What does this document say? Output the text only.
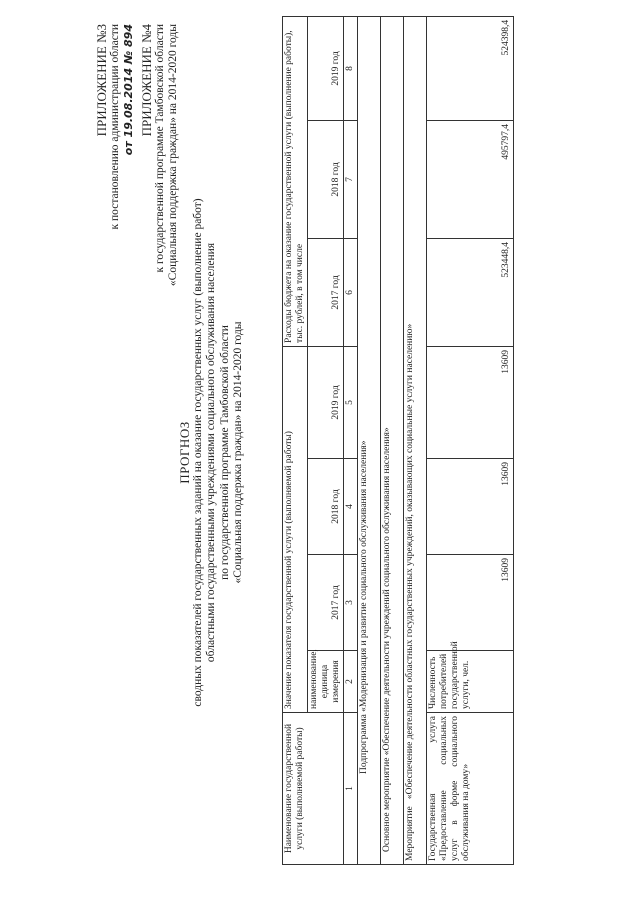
ПРИЛОЖЕНИЕ №3 к постановлению администрации области от 19.08.2014 № 894 ПРИЛОЖЕНИЕ №4 к государственной программе Тамбовской области «Социальная поддержка граждан» на 2014-2020 годы
ПРОГНОЗ сводных показателей государственных заданий на оказание государственных услуг (выполнение работ) областными государственными учреждениями социального обслуживания населения по государственной программе Тамбовской области «Социальная поддержка граждан» на 2014-2020 годы
Наименование государственной услуги (выполняемой работы)	Значение показателя государственной услуги (выполняемой работы)				Расходы бюджета на оказание государственной услуги (выполнение работы), тыс. рублей, в том числе		
	наименование, единица измерения	2017 год	2018 год	2019 год	2017 год	2018 год	2019 год
1	2	3	4	5	6	7	8
Подпрограмма «Модернизация и развитие социального обслуживания населения»							
Основное мероприятие «Обеспечение деятельности учреждений социального обслуживания населения»							
Мероприятие   «Обеспечение деятельности областных государственных учреждений, оказывающих социальные услуги населению»							
Государственная услуга «Предоставление социальных услуг в форме социального обслуживания на дому»	Численность потребителей государственной услуги, чел.	13609	13609	13609	523448,4	495797,4	524398,4
